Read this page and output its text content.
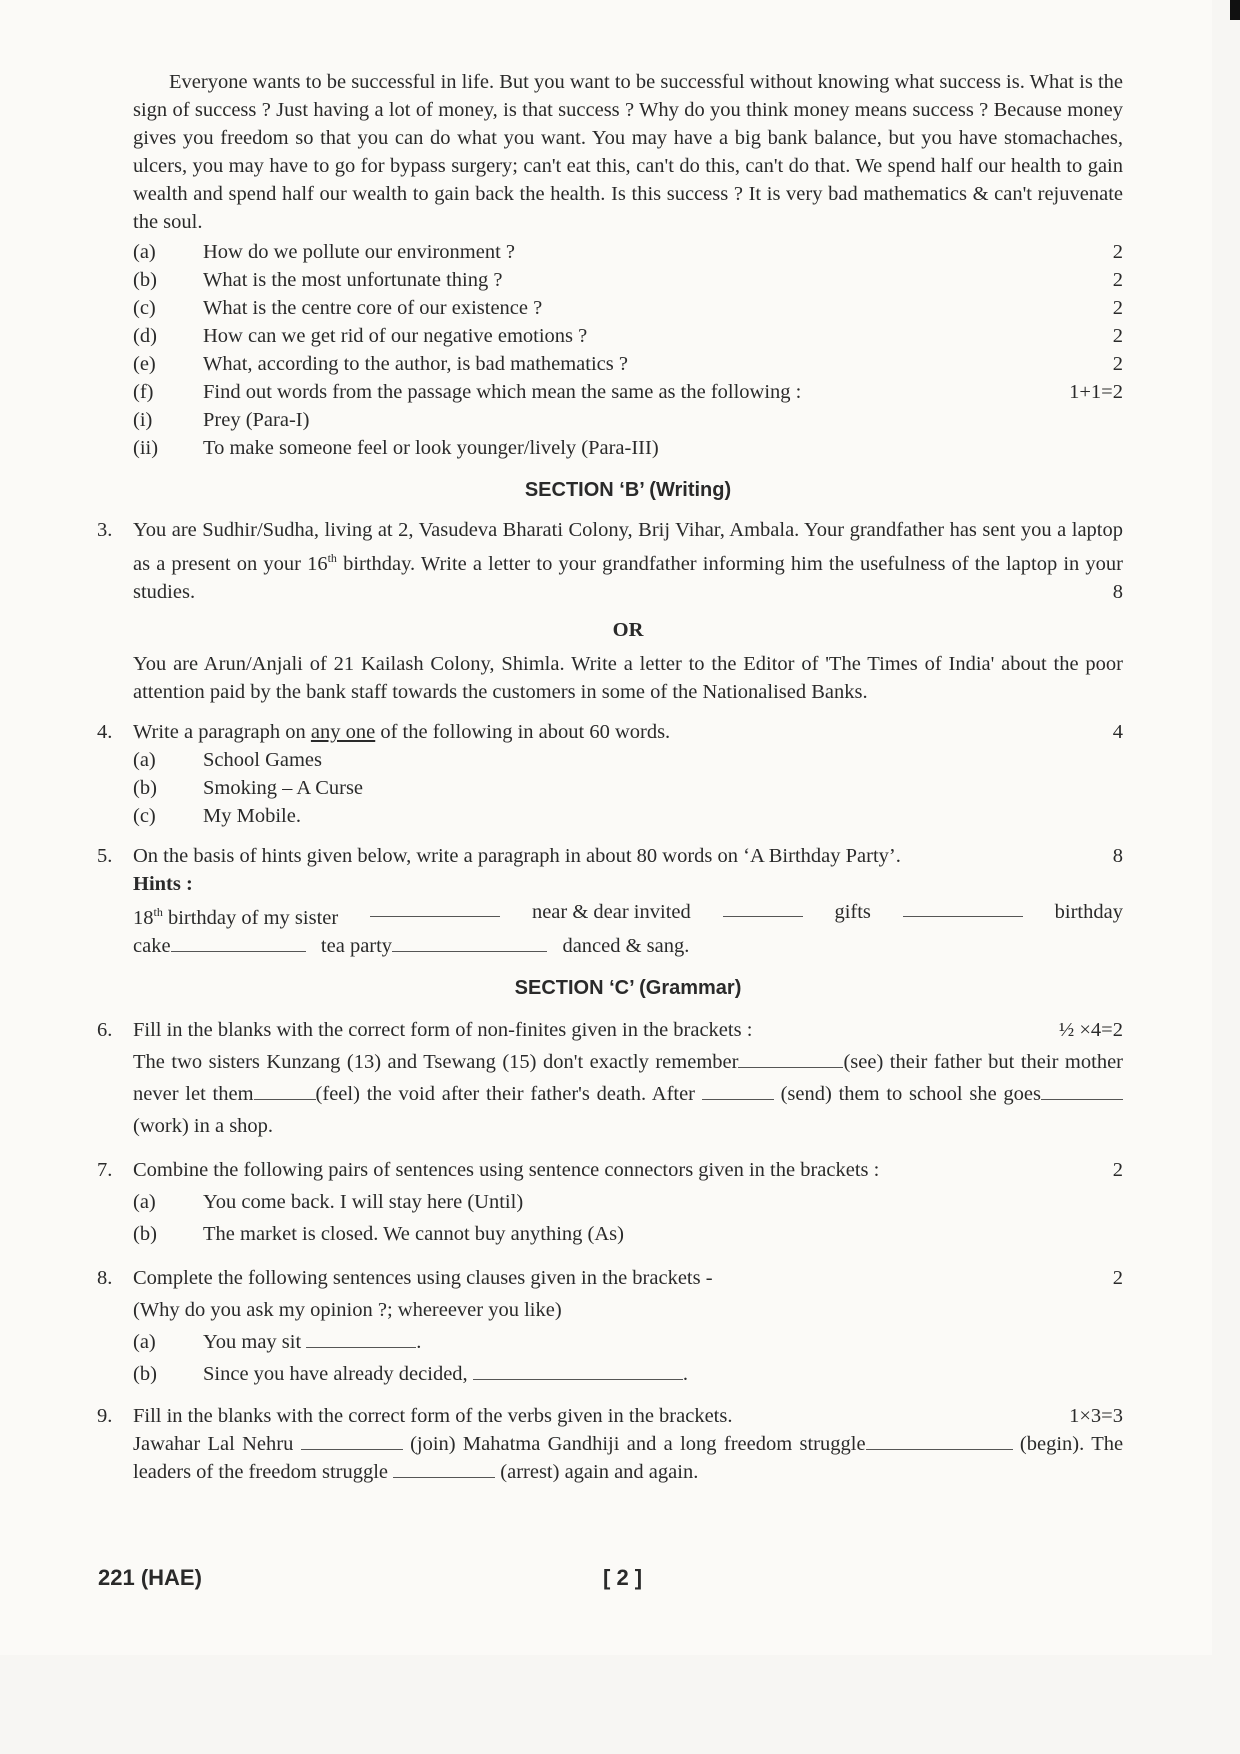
Everyone wants to be successful in life. But you want to be successful without knowing what success is. What is the sign of success ? Just having a lot of money, is that success ? Why do you think money means success ? Because money gives you freedom so that you can do what you want. You may have a big bank balance, but you have stomachaches, ulcers, you may have to go for bypass surgery; can't eat this, can't do this, can't do that. We spend half our health to gain wealth and spend half our wealth to gain back the health. Is this success ? It is very bad mathematics & can't rejuvenate the soul.

(a)	How do we pollute our environment ?	2
(b)	What is the most unfortunate thing ?	2
(c)	What is the centre core of our existence ?	2
(d)	How can we get rid of our negative emotions ?	2
(e)	What, according to the author, is bad mathematics ?	2
(f)	Find out words from the passage which mean the same as the following :	1+1=2
(i)	Prey (Para-I)
(ii)	To make someone feel or look younger/lively (Para-III)
SECTION ‘B’ (Writing)
3.	You are Sudhir/Sudha, living at 2, Vasudeva Bharati Colony, Brij Vihar, Ambala. Your grandfather has sent you a laptop as a present on your 16th birthday. Write a letter to your grandfather informing him the usefulness of the laptop in your studies.	8

OR

You are Arun/Anjali of 21 Kailash Colony, Shimla. Write a letter to the Editor of 'The Times of India' about the poor attention paid by the bank staff towards the customers in some of the Nationalised Banks.

4.	Write a paragraph on any one of the following in about 60 words.	4
(a)	School Games
(b)	Smoking – A Curse
(c)	My Mobile.
5.	On the basis of hints given below, write a paragraph in about 80 words on ‘A Birthday Party’.	8
Hints :
18th birthday of my sister	near & dear invited	gifts	birthday
cake	tea party	danced & sang.
SECTION ‘C’ (Grammar)
6.	Fill in the blanks with the correct form of non-finites given in the brackets :	½ ×4=2

The two sisters Kunzang (13) and Tsewang (15) don't exactly remember	(see) their father but their mother never let them	(feel) the void after their father's death. After	(send) them to school she goes(work) in a shop.

7.	Combine the following pairs of sentences using sentence connectors given in the brackets :	2
(a)	You come back. I will stay here (Until)
(b)	The market is closed. We cannot buy anything (As)
8.	Complete the following sentences using clauses given in the brackets -	2
(Why do you ask my opinion ?; whereever you like)
(a)	You may sit	.
(b)	Since you have already decided,	.
9.	Fill in the blanks with the correct form of the verbs given in the brackets.	1×3=3

Jawahar Lal Nehru	(join) Mahatma Gandhiji and a long freedom struggle	(begin). The leaders of the freedom struggle	(arrest) again and again.

221 (HAE)	[ 2 ]
